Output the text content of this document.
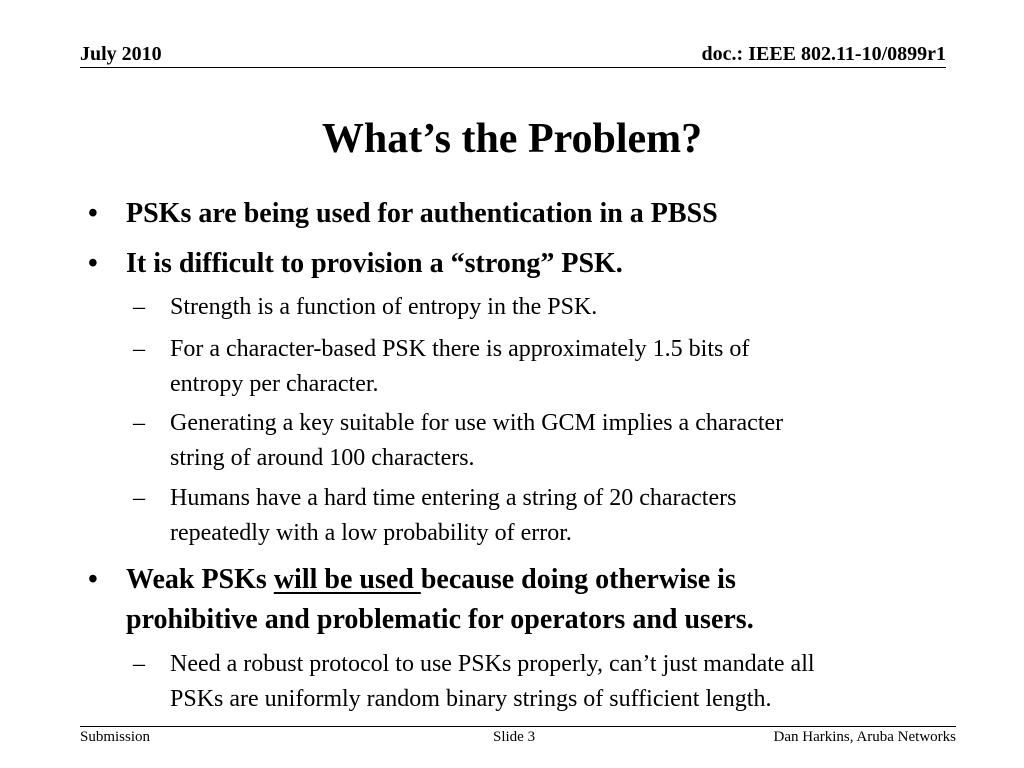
July 2010	doc.: IEEE 802.11-10/0899r1
What’s the Problem?
• PSKs are being used for authentication in a PBSS
• It is difficult to provision a “strong” PSK.
– Strength is a function of entropy in the PSK.
– For a character-based PSK there is approximately 1.5 bits of
entropy per character.
– Generating a key suitable for use with GCM implies a character
string of around 100 characters.
– Humans have a hard time entering a string of 20 characters
repeatedly with a low probability of error.
• Weak PSKs will be used because doing otherwise is
prohibitive and problematic for operators and users.
– Need a robust protocol to use PSKs properly, can’t just mandate all
PSKs are uniformly random binary strings of sufficient length.
Submission	Slide 3	Dan Harkins, Aruba Networks
